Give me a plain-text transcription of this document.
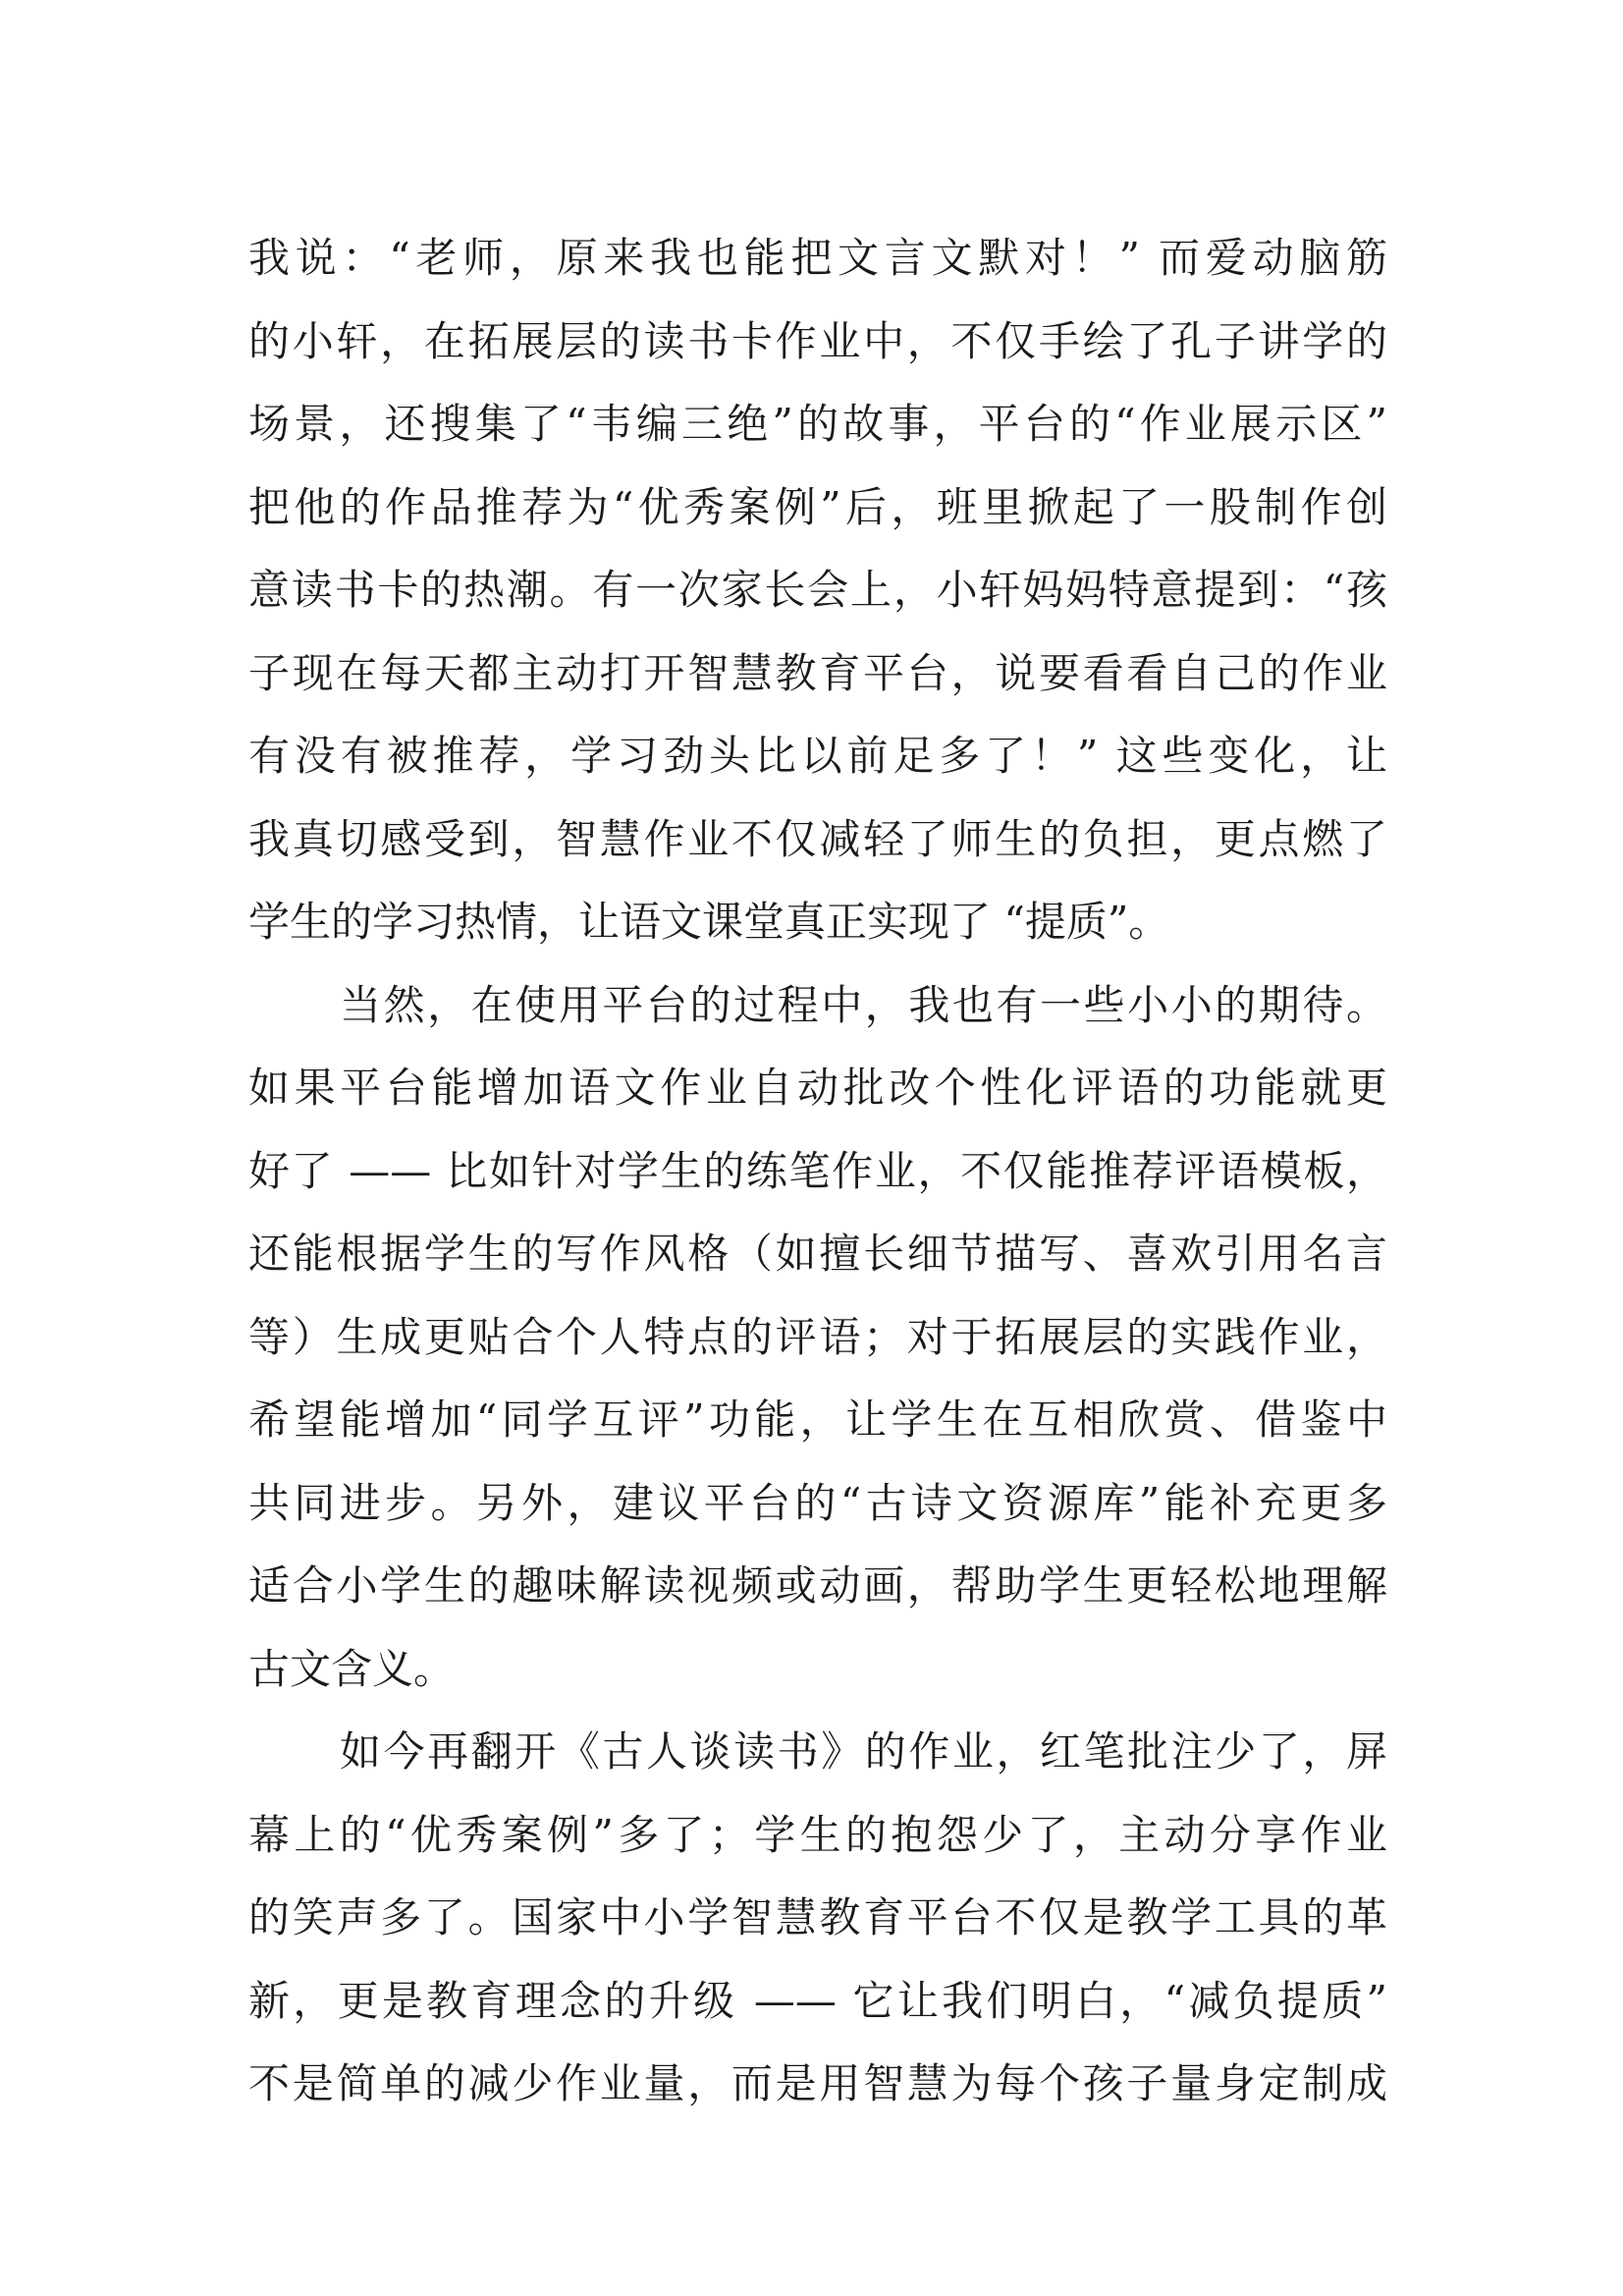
我说：“老师，原来我也能把文言文默对！” 而爱动脑筋
的小轩，在拓展层的读书卡作业中，不仅手绘了孔子讲学的
场景，还搜集了“韦编三绝”的故事，平台的“作业展示区”
把他的作品推荐为“优秀案例”后，班里掀起了一股制作创
意读书卡的热潮。有一次家长会上，小轩妈妈特意提到：“孩
子现在每天都主动打开智慧教育平台，说要看看自己的作业
有没有被推荐，学习劲头比以前足多了！” 这些变化，让
我真切感受到，智慧作业不仅减轻了师生的负担，更点燃了
学生的学习热情，让语文课堂真正实现了 “提质”。
当然，在使用平台的过程中，我也有一些小小的期待。
如果平台能增加语文作业自动批改个性化评语的功能就更
好了 —— 比如针对学生的练笔作业，不仅能推荐评语模板，
还能根据学生的写作风格（如擅长细节描写、喜欢引用名言
等）生成更贴合个人特点的评语；对于拓展层的实践作业，
希望能增加“同学互评”功能，让学生在互相欣赏、借鉴中
共同进步。另外，建议平台的“古诗文资源库”能补充更多
适合小学生的趣味解读视频或动画，帮助学生更轻松地理解
古文含义。
如今再翻开《古人谈读书》的作业，红笔批注少了，屏
幕上的“优秀案例”多了；学生的抱怨少了，主动分享作业
的笑声多了。国家中小学智慧教育平台不仅是教学工具的革
新，更是教育理念的升级 —— 它让我们明白，“减负提质”
不是简单的减少作业量，而是用智慧为每个孩子量身定制成
